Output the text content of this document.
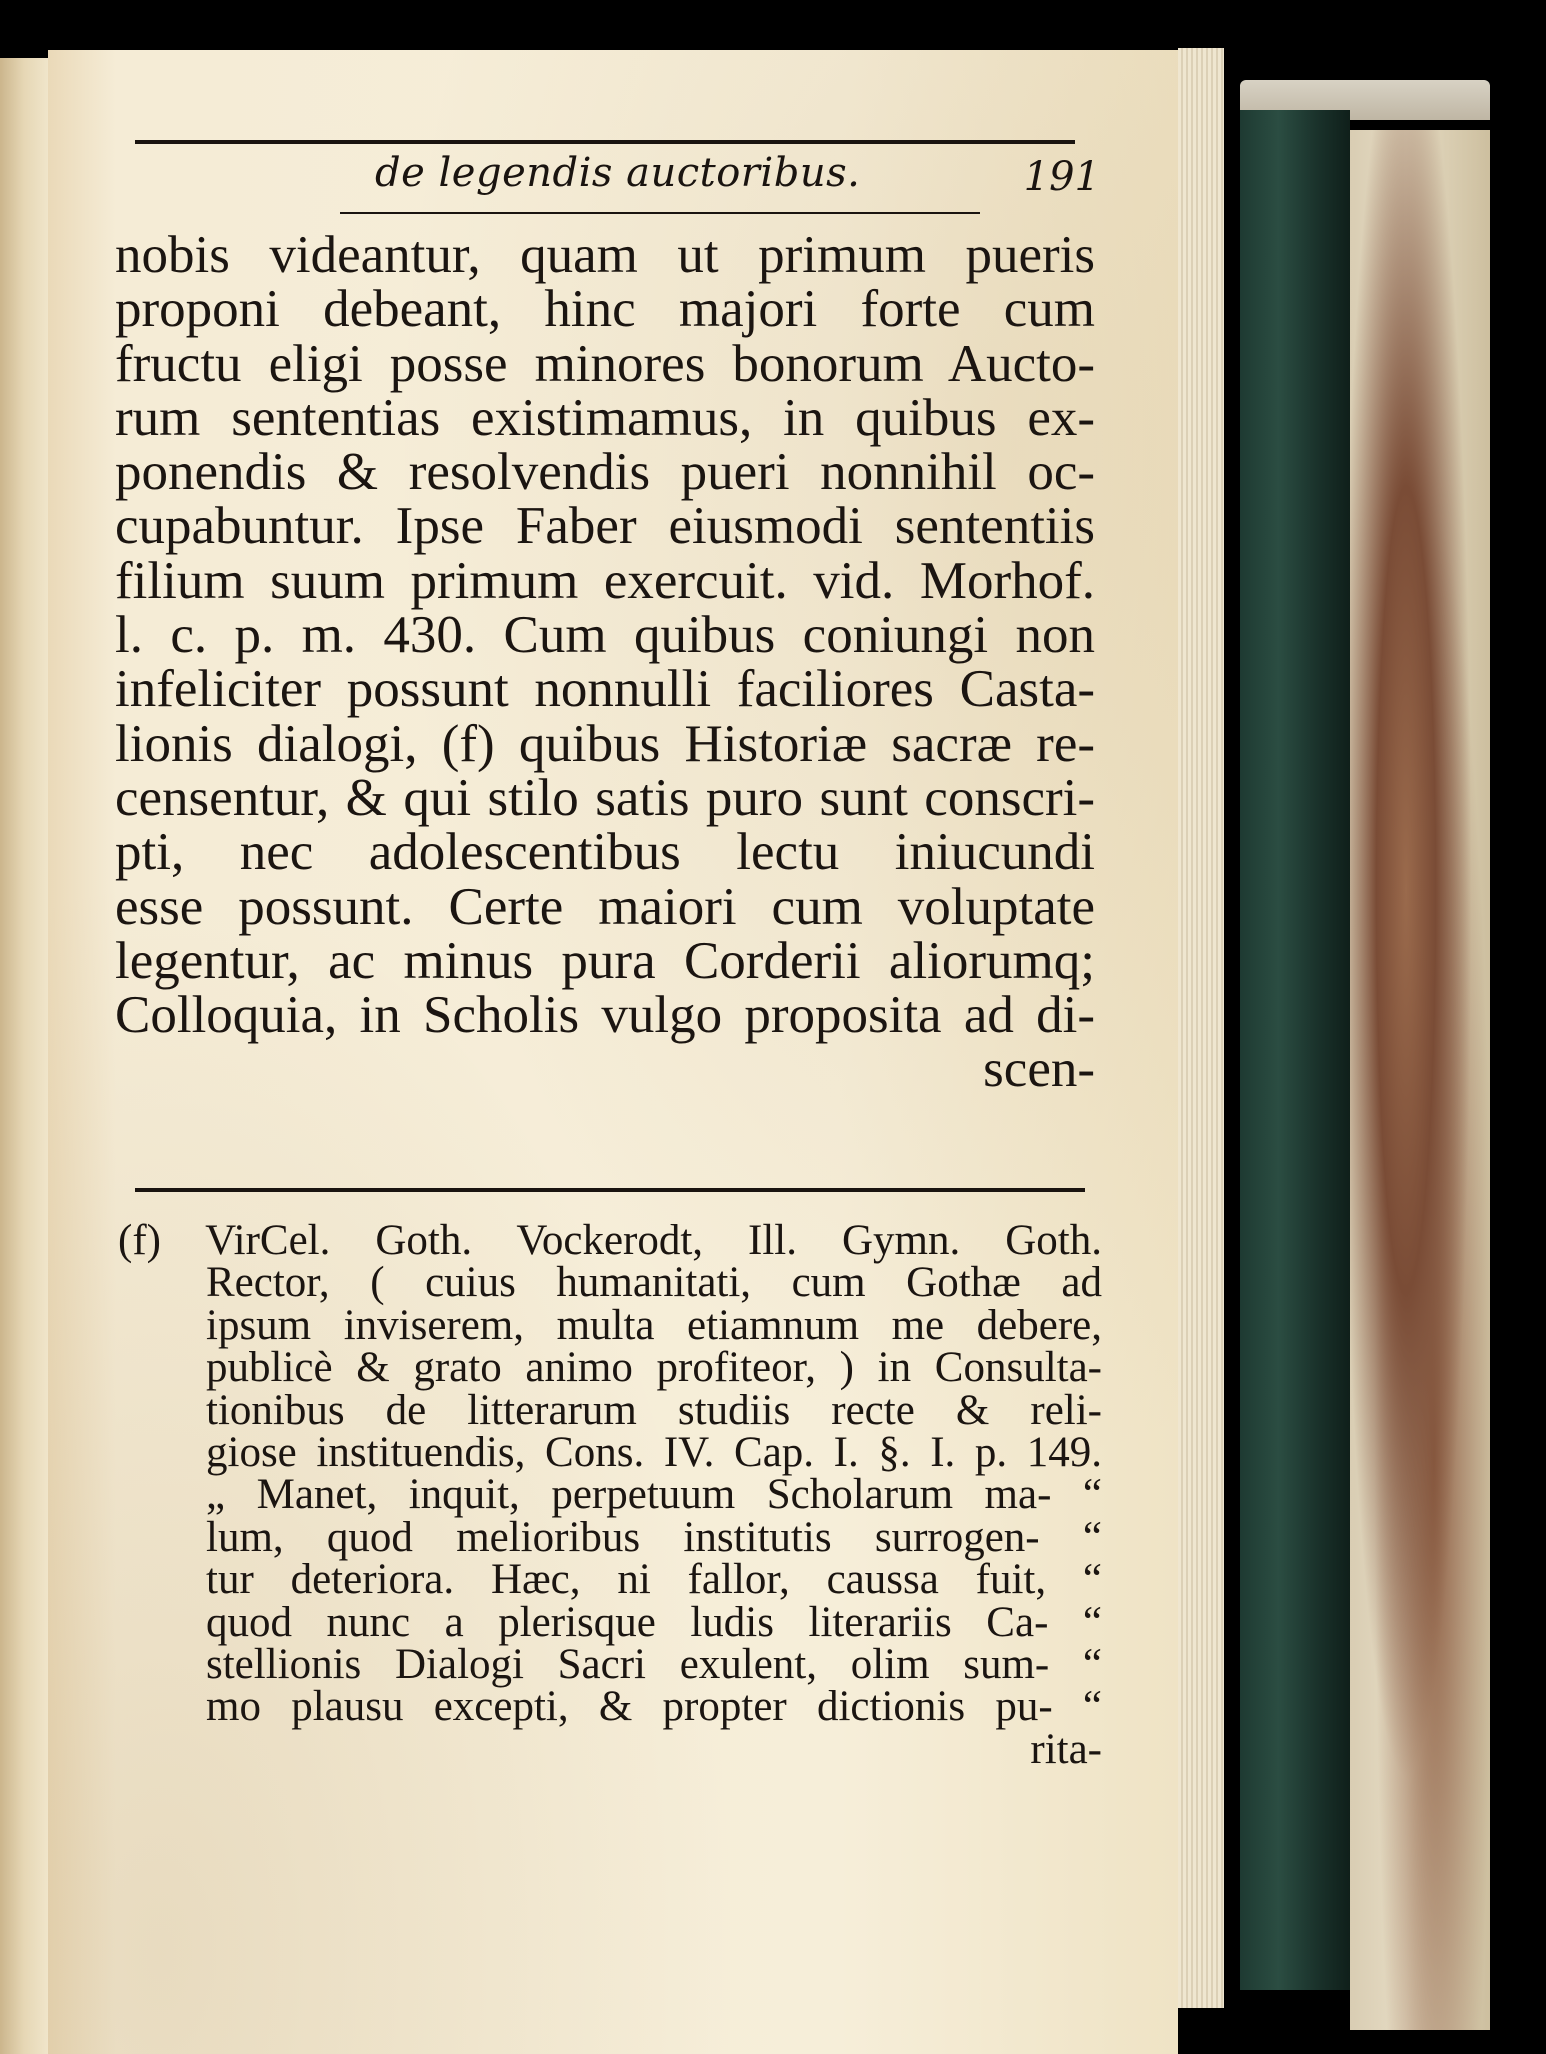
de legendis auctoribus.	191
nobis videantur, quam ut primum pueris
proponi debeant, hinc majori forte cum
fructu eligi posse minores bonorum Aucto-
rum sententias existimamus, in quibus ex-
ponendis & resolvendis pueri nonnihil oc-
cupabuntur. Ipse Faber eiusmodi sententiis
filium suum primum exercuit. vid. Morhof.
l. c. p. m. 430. Cum quibus coniungi non
infeliciter possunt nonnulli faciliores Casta-
lionis dialogi, (f) quibus Historiæ sacræ re-
censentur, & qui stilo satis puro sunt conscri-
pti, nec adolescentibus lectu iniucundi
esse possunt. Certe maiori cum voluptate
legentur, ac minus pura Corderii aliorumq;
Colloquia, in Scholis vulgo proposita ad di-
scen-
(f) VirCel. Goth. Vockerodt, Ill. Gymn. Goth.
Rector, ( cuius humanitati, cum Gothæ ad
ipsum inviserem, multa etiamnum me debere,
publicè & grato animo profiteor, ) in Consulta-
tionibus de litterarum studiis recte & reli-
giose instituendis, Cons. IV. Cap. I. §. I. p. 149.
„ Manet, inquit, perpetuum Scholarum ma- “
lum, quod melioribus institutis surrogen- “
tur deteriora. Hæc, ni fallor, caussa fuit, “
quod nunc a plerisque ludis literariis Ca- “
stellionis Dialogi Sacri exulent, olim sum- “
mo plausu excepti, & propter dictionis pu- “
rita-
